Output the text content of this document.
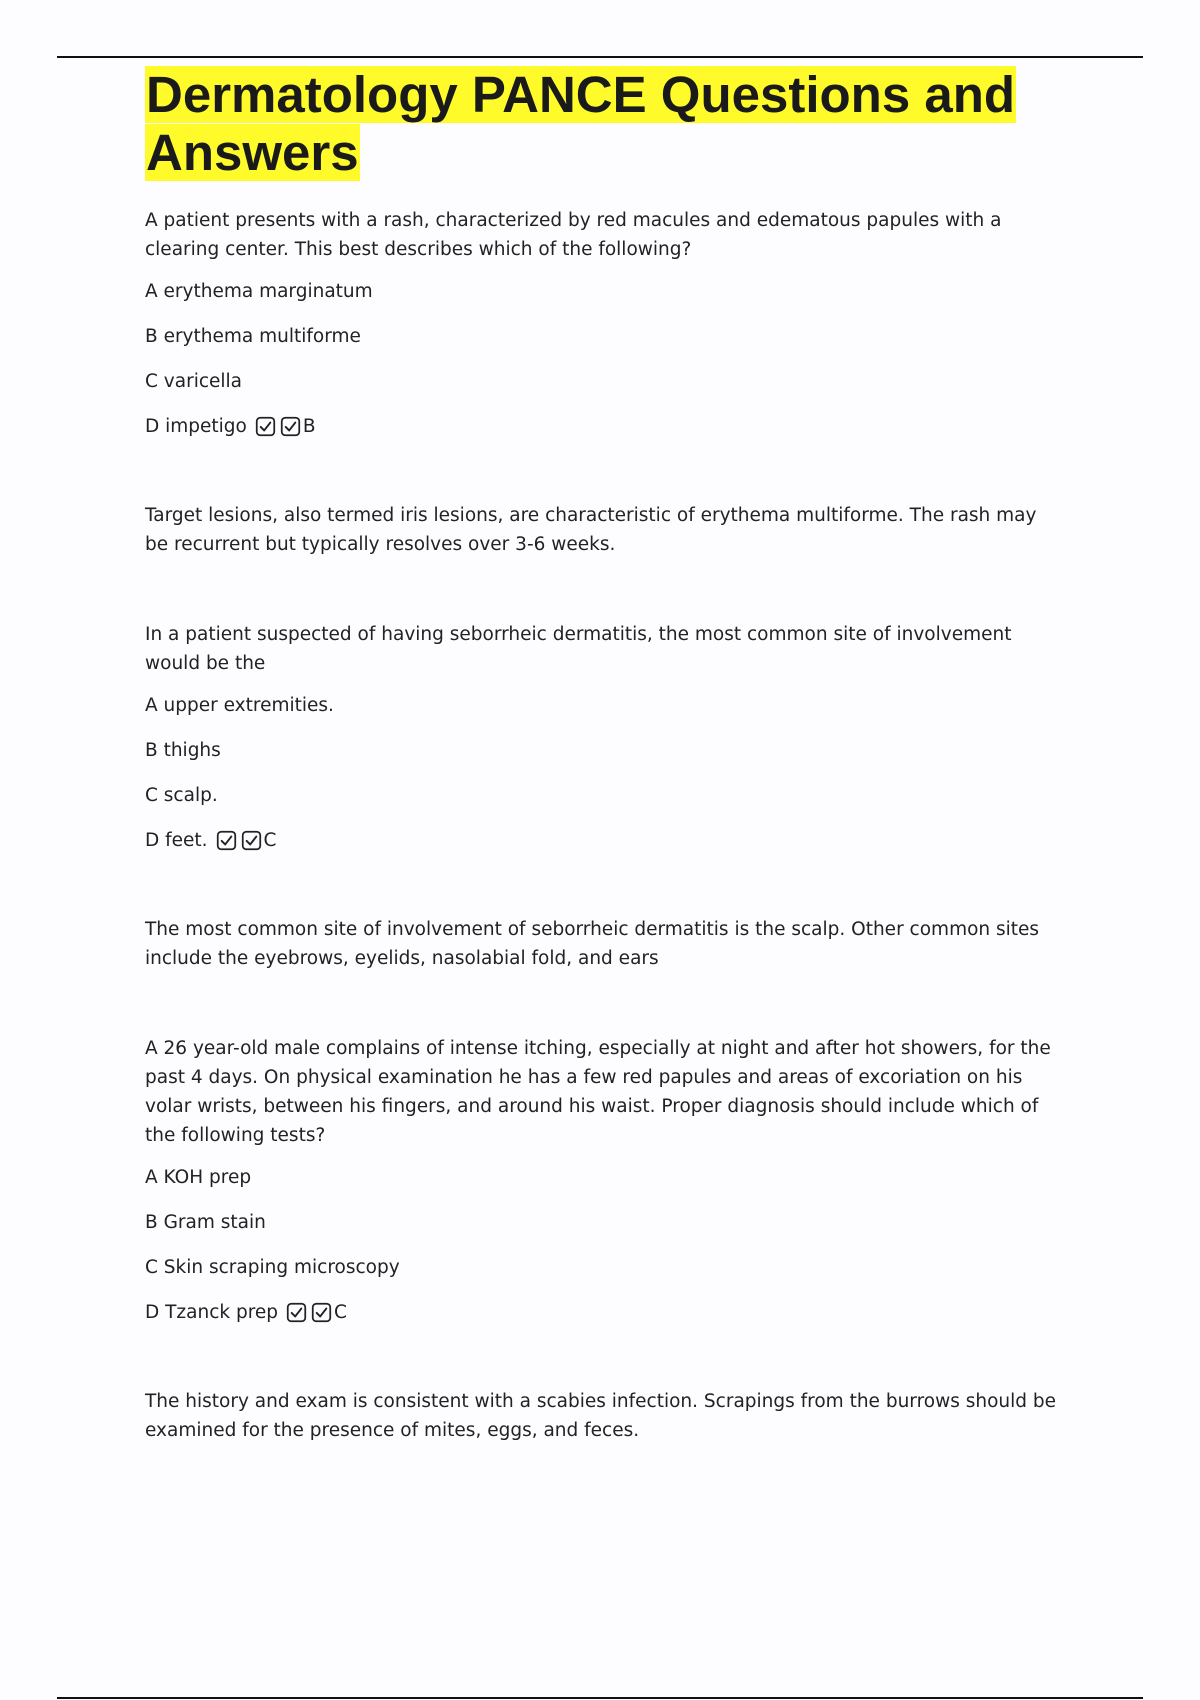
Dermatology PANCE Questions and Answers

A patient presents with a rash, characterized by red macules and edematous papules with a clearing center. This best describes which of the following?

A erythema marginatum

B erythema multiforme

C varicella

D impetigo	B

Target lesions, also termed iris lesions, are characteristic of erythema multiforme. The rash may be recurrent but typically resolves over 3-6 weeks.

In a patient suspected of having seborrheic dermatitis, the most common site of involvement would be the

A upper extremities.

B thighs

C scalp.

D feet.	C

The most common site of involvement of seborrheic dermatitis is the scalp. Other common sites include the eyebrows, eyelids, nasolabial fold, and ears

A 26 year-old male complains of intense itching, especially at night and after hot showers, for the past 4 days. On physical examination he has a few red papules and areas of excoriation on his volar wrists, between his fingers, and around his waist. Proper diagnosis should include which of the following tests?

A KOH prep

B Gram stain

C Skin scraping microscopy

D Tzanck prep	C

The history and exam is consistent with a scabies infection. Scrapings from the burrows should be examined for the presence of mites, eggs, and feces.
